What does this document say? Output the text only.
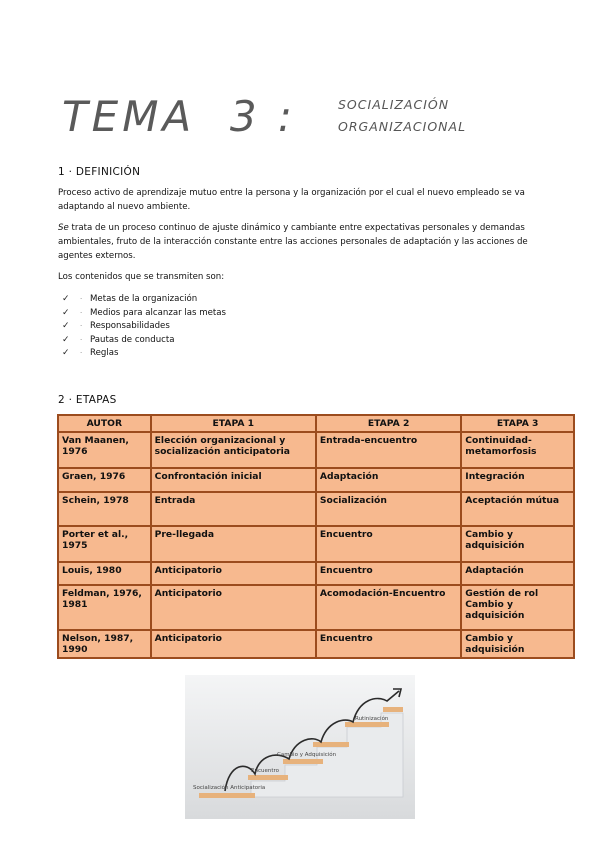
TEMA  3 :	SOCIALIZACIÓN
ORGANIZACIONAL
1 · DEFINICIÓN
Proceso activo de aprendizaje mutuo entre la persona y la organización por el cual el nuevo empleado se va adaptando al nuevo ambiente.
Se trata de un proceso continuo de ajuste dinámico y cambiante entre expectativas personales y demandas ambientales, fruto de la interacción constante entre las acciones personales de adaptación y las acciones de agentes externos.
Los contenidos que se transmiten son:
✓	· Metas de la organización
✓	· Medios para alcanzar las metas
✓	· Responsabilidades
✓	· Pautas de conducta
✓	· Reglas
2 · ETAPAS
AUTOR	ETAPA 1	ETAPA 2	ETAPA 3
Van Maanen, 1976	Elección organizacional y socialización anticipatoria	Entrada-encuentro	Continuidad-metamorfosis
Graen, 1976	Confrontación inicial	Adaptación	Integración
Schein, 1978	Entrada	Socialización	Aceptación mútua
Porter et al., 1975	Pre-llegada	Encuentro	Cambio y adquisición
Louis, 1980	Anticipatorio	Encuentro	Adaptación
Feldman, 1976, 1981	Anticipatorio	Acomodación-Encuentro	Gestión de rol Cambio y adquisición
Nelson, 1987, 1990	Anticipatorio	Encuentro	Cambio y adquisición
Socialización Anticipatoria
Encuentro
Cambio y Adquisición
Rutinización
